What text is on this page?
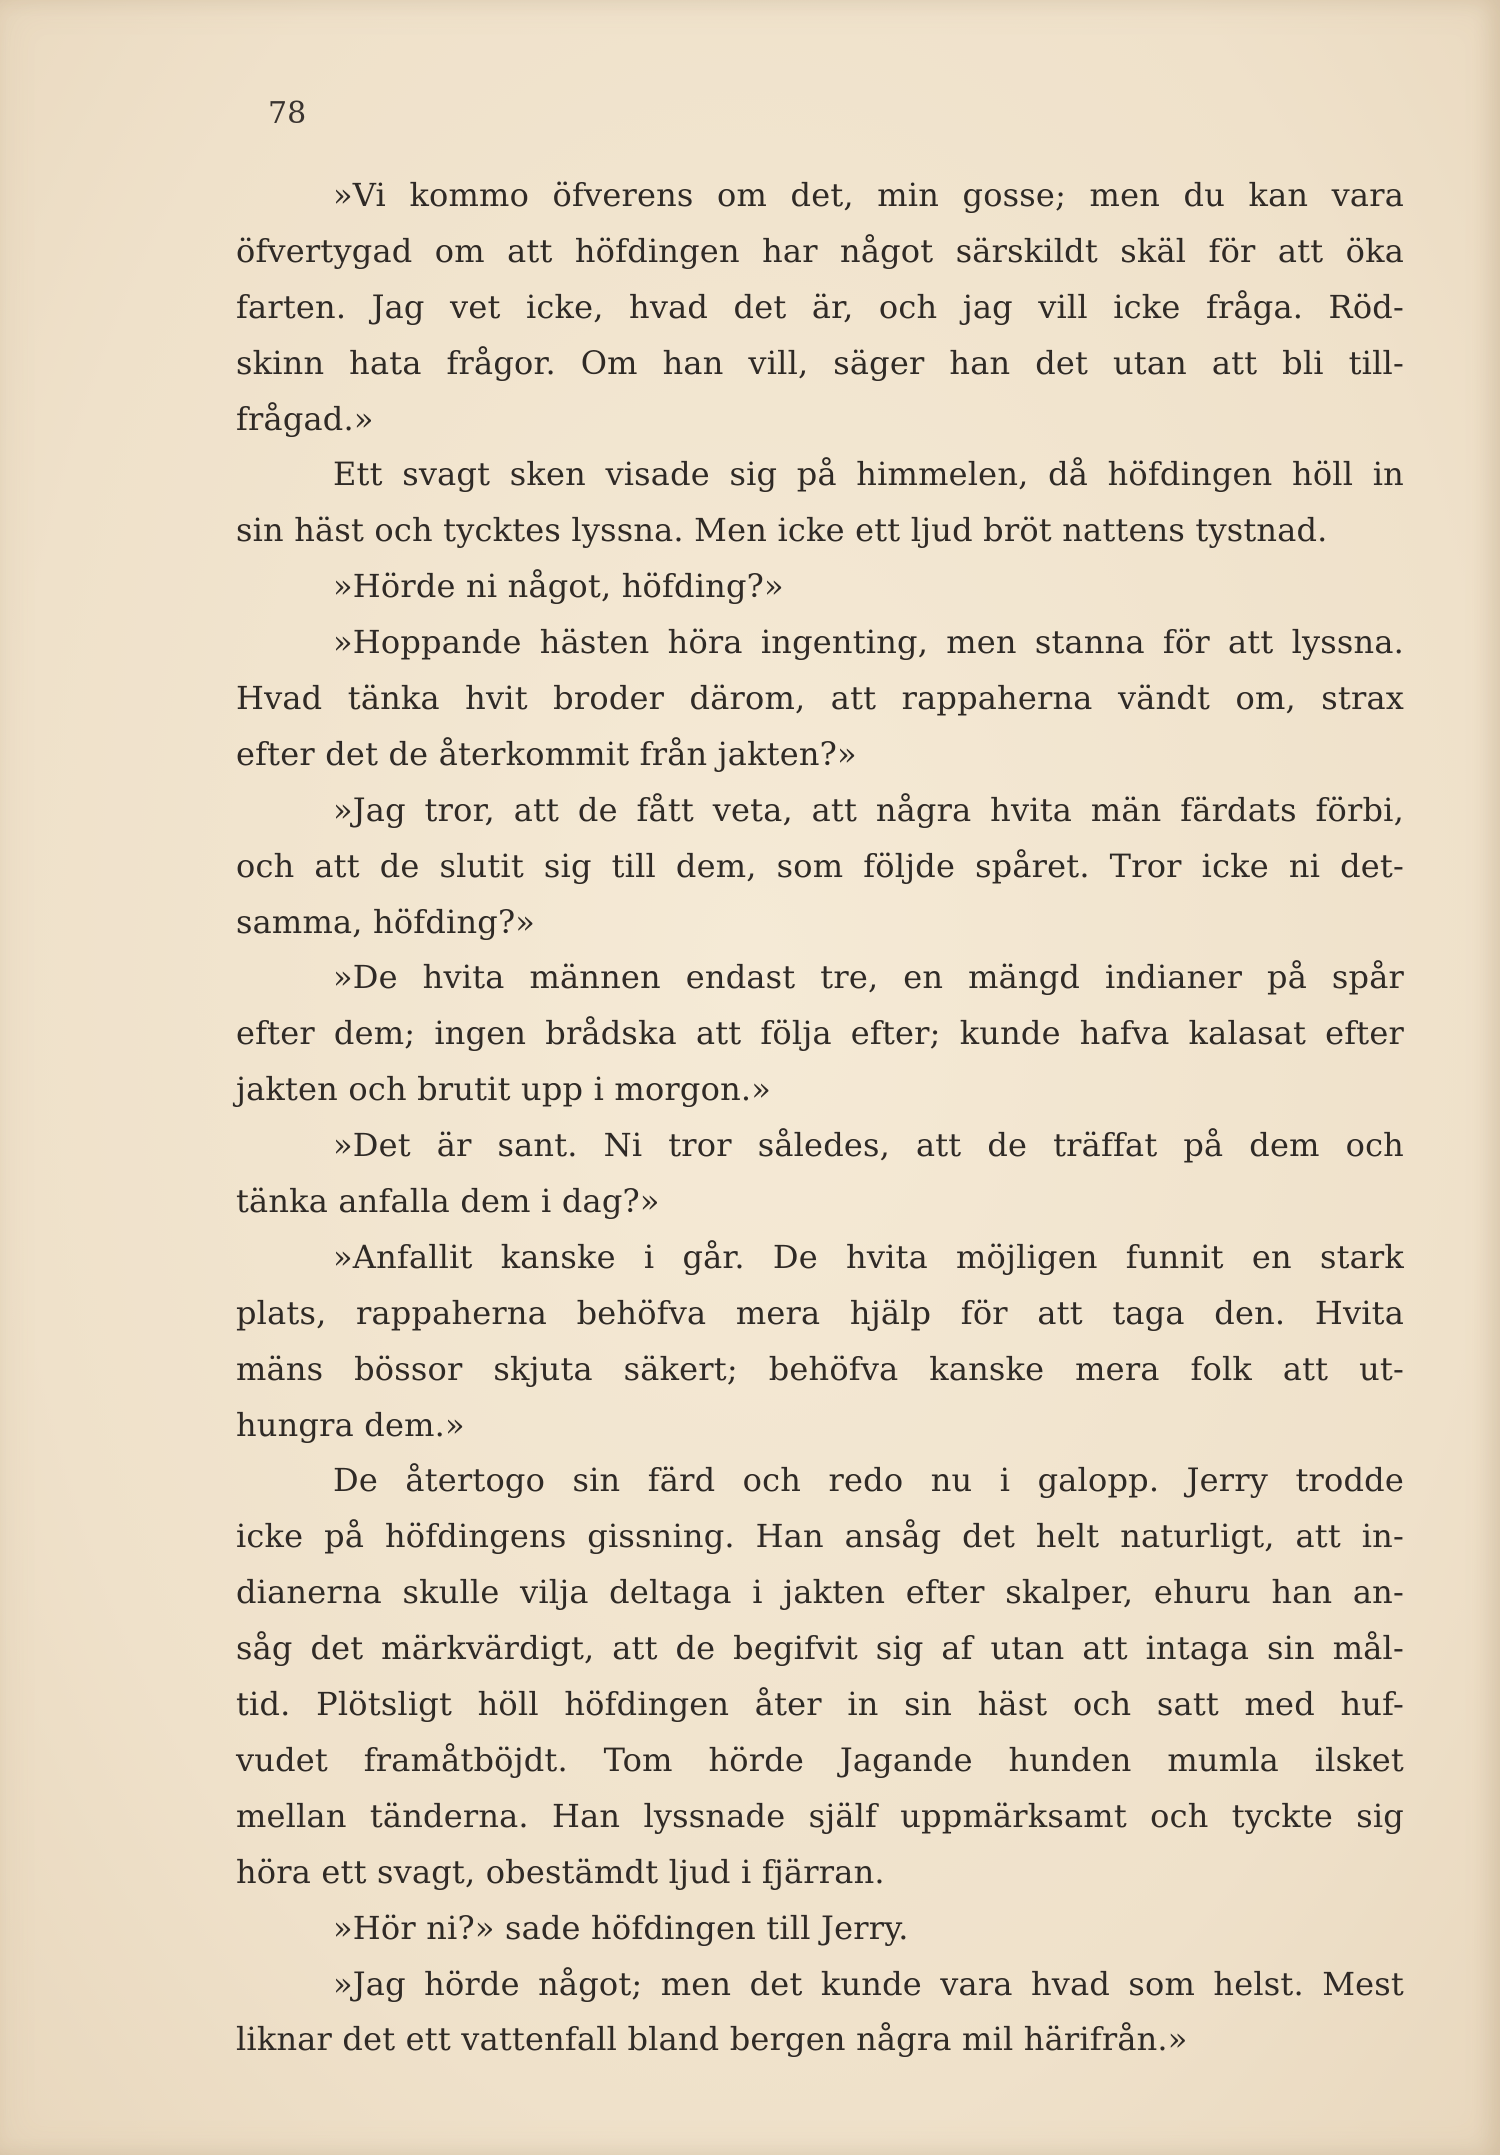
78
»Vi kommo öfverens om det, min gosse; men du kan vara
öfvertygad om att höfdingen har något särskildt skäl för att öka
farten. Jag vet icke, hvad det är, och jag vill icke fråga. Röd-
skinn hata frågor. Om han vill, säger han det utan att bli till-
frågad.»
Ett svagt sken visade sig på himmelen, då höfdingen höll in
sin häst och tycktes lyssna. Men icke ett ljud bröt nattens tystnad.
»Hörde ni något, höfding?»
»Hoppande hästen höra ingenting, men stanna för att lyssna.
Hvad tänka hvit broder därom, att rappaherna vändt om, strax
efter det de återkommit från jakten?»
»Jag tror, att de fått veta, att några hvita män färdats förbi,
och att de slutit sig till dem, som följde spåret. Tror icke ni det-
samma, höfding?»
»De hvita männen endast tre, en mängd indianer på spår
efter dem; ingen brådska att följa efter; kunde hafva kalasat efter
jakten och brutit upp i morgon.»
»Det är sant. Ni tror således, att de träffat på dem och
tänka anfalla dem i dag?»
»Anfallit kanske i går. De hvita möjligen funnit en stark
plats, rappaherna behöfva mera hjälp för att taga den. Hvita
mäns bössor skjuta säkert; behöfva kanske mera folk att ut-
hungra dem.»
De återtogo sin färd och redo nu i galopp. Jerry trodde
icke på höfdingens gissning. Han ansåg det helt naturligt, att in-
dianerna skulle vilja deltaga i jakten efter skalper, ehuru han an-
såg det märkvärdigt, att de begifvit sig af utan att intaga sin mål-
tid. Plötsligt höll höfdingen åter in sin häst och satt med huf-
vudet framåtböjdt. Tom hörde Jagande hunden mumla ilsket
mellan tänderna. Han lyssnade själf uppmärksamt och tyckte sig
höra ett svagt, obestämdt ljud i fjärran.
»Hör ni?» sade höfdingen till Jerry.
»Jag hörde något; men det kunde vara hvad som helst. Mest
liknar det ett vattenfall bland bergen några mil härifrån.»
